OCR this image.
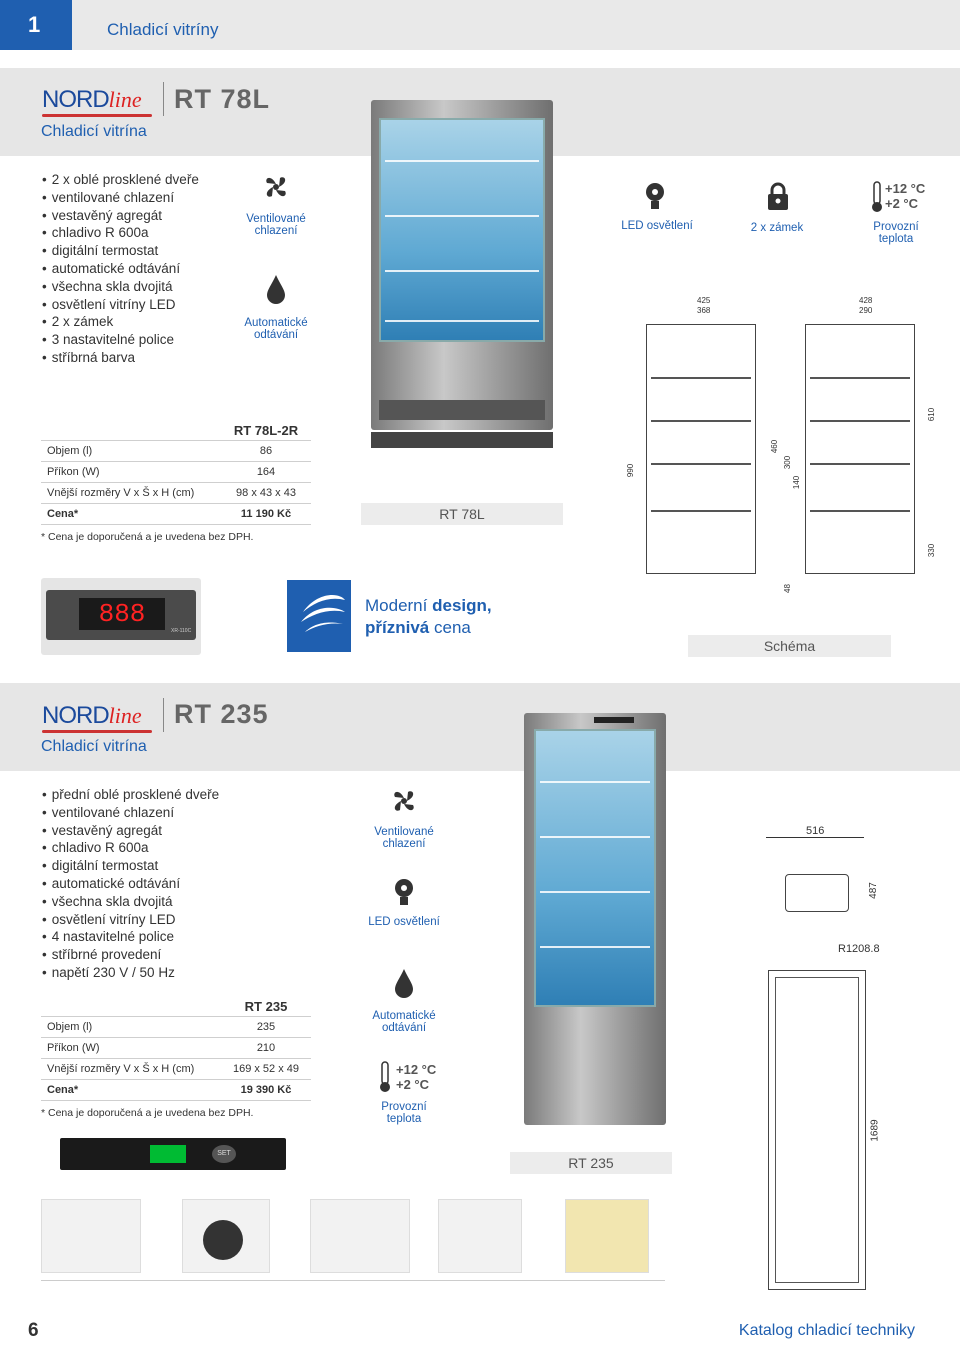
1	Chladicí vitríny
NORDline	RT 78L
Chladicí vitrína
• 2 x oblé prosklené dveře
• ventilované chlazení
• vestavěný agregát
• chladivo R 600a
• digitální termostat
• automatické odtávání
• všechna skla dvojitá
• osvětlení vitríny LED
• 2 x zámek
• 3 nastavitelné police
• stříbrná barva
Ventilované chlazení
Automatické odtávání
LED osvětlení	2 x zámek
+12 °C
+2 °C
Provozní teplota
RT 78L-2R
Objem (l)	86
Příkon (W)	164
Vnější rozměry V x Š x H (cm)	98 x 43 x 43
Cena*	11 190 Kč
* Cena je doporučená a je uvedena bez DPH.
RT 78L
425
368
428
290
990
460
300
140
610
330
48
888
XR-110C
Moderní design,
příznivá cena
Schéma
NORDline	RT 235
Chladicí vitrína
• přední oblé prosklené dveře
• ventilované chlazení
• vestavěný agregát
• chladivo R 600a
• digitální termostat
• automatické odtávání
• všechna skla dvojitá
• osvětlení vitríny LED
• 4 nastavitelné police
• stříbrné provedení
• napětí 230 V / 50 Hz
Ventilované chlazení
LED osvětlení
Automatické odtávání
+12 °C
+2 °C
Provozní teplota
RT 235
Objem (l)	235
Příkon (W)	210
Vnější rozměry V x Š x H (cm)	169 x 52 x 49
Cena*	19 390 Kč
* Cena je doporučená a je uvedena bez DPH.
SET
RT 235
516
487
R1208.8
1689
6	Katalog chladicí techniky
